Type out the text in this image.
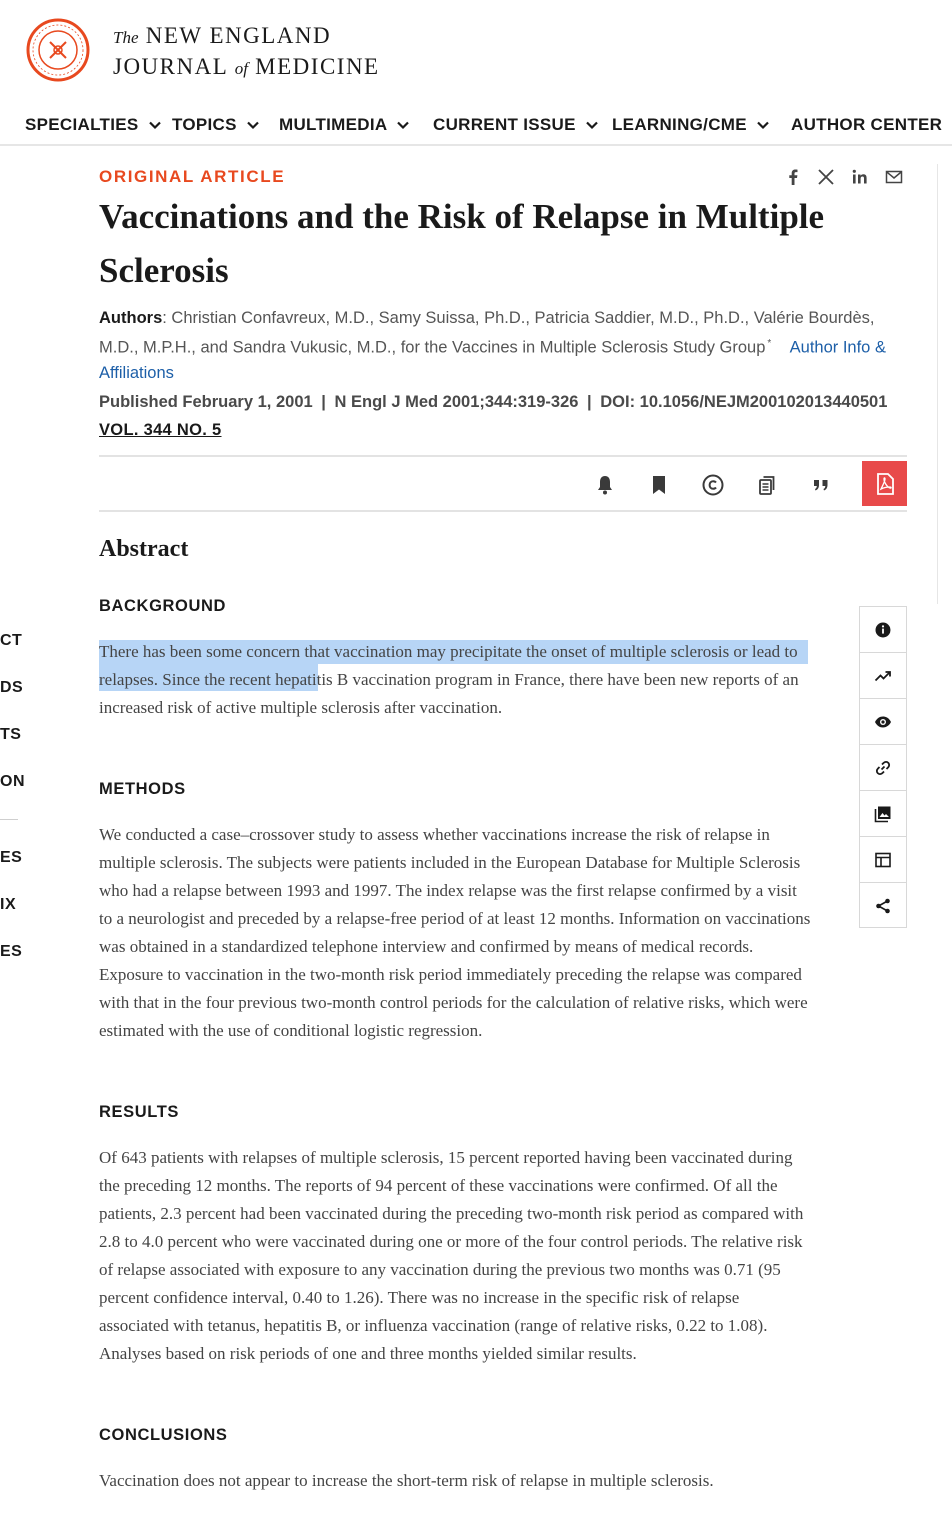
The NEW ENGLAND
JOURNAL of MEDICINE
SPECIALTIES TOPICS MULTIMEDIA	CURRENT ISSUE LEARNING/CME	AUTHOR CENTER
CT
DS
TS
ON
ES
IX
ES
ORIGINAL ARTICLE
Vaccinations and the Risk of Relapse in Multiple Sclerosis
Authors: Christian Confavreux, M.D., Samy Suissa, Ph.D., Patricia Saddier, M.D., Ph.D., Valérie Bourdès, M.D., M.P.H., and Sandra Vukusic, M.D., for the Vaccines in Multiple Sclerosis Study Group * Author Info & Affiliations
Published February 1, 2001 | N Engl J Med 2001;344:319-326 | DOI: 10.1056/NEJM200102013440501
VOL. 344 NO. 5
Abstract
BACKGROUND

There has been some concern that vaccination may precipitate the onset of multiple sclerosis or lead to relapses. Since the recent hepatitis B vaccination program in France, there have been new reports of an increased risk of active multiple sclerosis after vaccination.

METHODS

We conducted a case–crossover study to assess whether vaccinations increase the risk of relapse in multiple sclerosis. The subjects were patients included in the European Database for Multiple Sclerosis who had a relapse between 1993 and 1997. The index relapse was the first relapse confirmed by a visit to a neurologist and preceded by a relapse-free period of at least 12 months. Information on vaccinations was obtained in a standardized telephone interview and confirmed by means of medical records. Exposure to vaccination in the two-month risk period immediately preceding the relapse was compared with that in the four previous two-month control periods for the calculation of relative risks, which were estimated with the use of conditional logistic regression.

RESULTS

Of 643 patients with relapses of multiple sclerosis, 15 percent reported having been vaccinated during the preceding 12 months. The reports of 94 percent of these vaccinations were confirmed. Of all the patients, 2.3 percent had been vaccinated during the preceding two-month risk period as compared with 2.8 to 4.0 percent who were vaccinated during one or more of the four control periods. The relative risk of relapse associated with exposure to any vaccination during the previous two months was 0.71 (95 percent confidence interval, 0.40 to 1.26). There was no increase in the specific risk of relapse associated with tetanus, hepatitis B, or influenza vaccination (range of relative risks, 0.22 to 1.08). Analyses based on risk periods of one and three months yielded similar results.

CONCLUSIONS

Vaccination does not appear to increase the short-term risk of relapse in multiple sclerosis.
